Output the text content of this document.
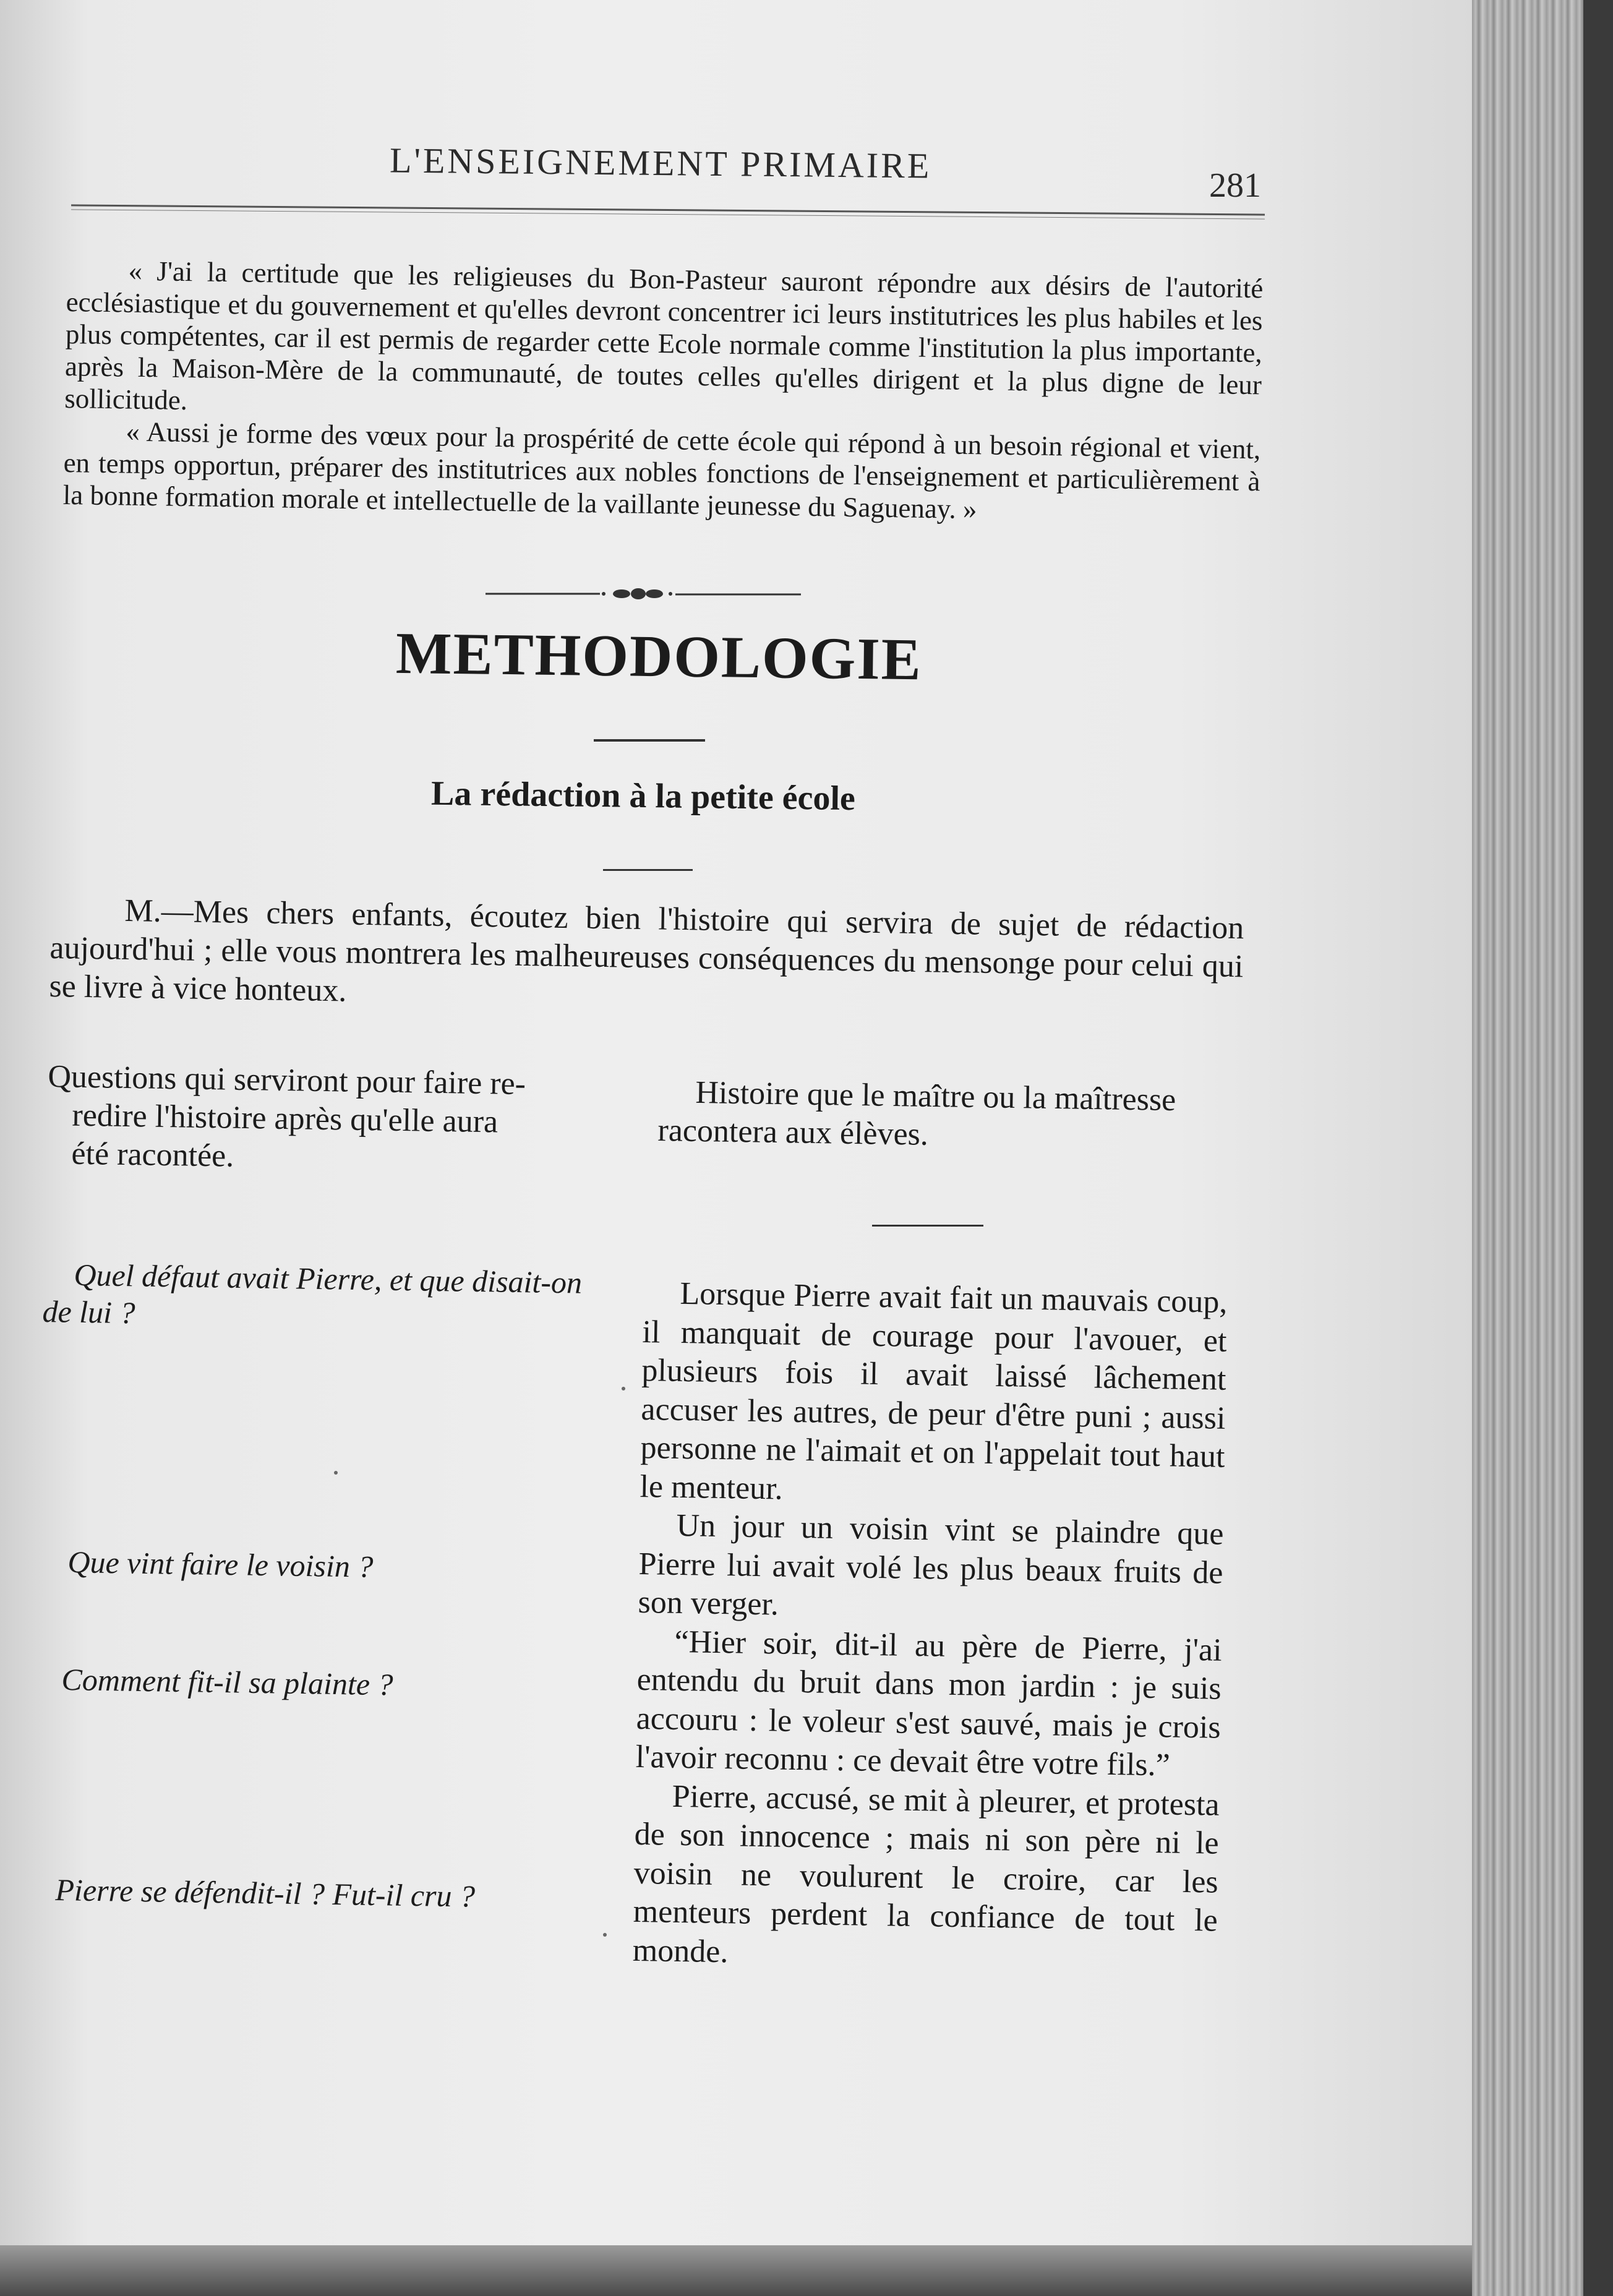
L'ENSEIGNEMENT PRIMAIRE	281

« J'ai la certitude que les religieuses du Bon-Pasteur sauront répondre aux désirs de l'autorité ecclésiastique et du gouvernement et qu'elles devront concentrer ici leurs institutrices les plus habiles et les plus compétentes, car il est permis de regarder cette Ecole normale comme l'institution la plus importante, après la Maison-Mère de la communauté, de toutes celles qu'elles dirigent et la plus digne de leur sollicitude.

« Aussi je forme des vœux pour la prospérité de cette école qui répond à un besoin régional et vient, en temps opportun, préparer des institutrices aux nobles fonctions de l'enseignement et particulièrement à la bonne formation morale et intellectuelle de la vaillante jeunesse du Saguenay. »

METHODOLOGIE
La rédaction à la petite école

M.—Mes chers enfants, écoutez bien l'histoire qui servira de sujet de rédaction aujourd'hui ; elle vous montrera les malheureuses conséquences du mensonge pour celui qui se livre à vice honteux.

Questions qui serviront pour faire re-

redire l'histoire après qu'elle aura

été racontée.

Histoire que le maître ou la maîtresse racontera aux élèves.
Quel défaut avait Pierre, et que disait-on de lui ?
Que vint faire le voisin ?
Comment fit-il sa plainte ?
Pierre se défendit-il ? Fut-il cru ?

Lorsque Pierre avait fait un mauvais coup, il manquait de courage pour l'avouer, et plusieurs fois il avait laissé lâchement accuser les autres, de peur d'être puni ; aussi personne ne l'aimait et on l'appelait tout haut le menteur.

Un jour un voisin vint se plaindre que Pierre lui avait volé les plus beaux fruits de son verger.

“Hier soir, dit-il au père de Pierre, j'ai entendu du bruit dans mon jardin : je suis accouru : le voleur s'est sauvé, mais je crois l'avoir reconnu : ce devait être votre fils.”

Pierre, accusé, se mit à pleurer, et protesta de son innocence ; mais ni son père ni le voisin ne voulurent le croire, car les menteurs perdent la confiance de tout le monde.
